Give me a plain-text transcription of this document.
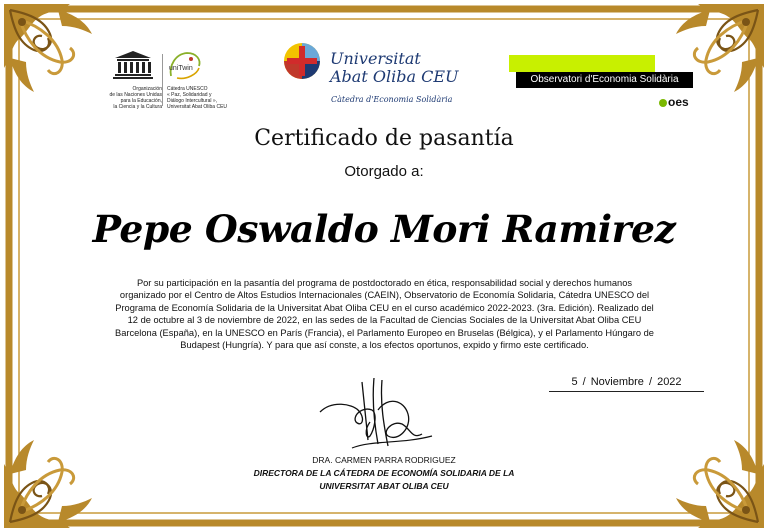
Organización
de las Naciones Unidas
para la Educación,
la Ciencia y la Cultura
uniTwin
Cátedra UNESCO
« Paz, Solidaridad y
Diálogo Intercultural »,
Universitat Abat Oliba CEU
Universitat
Abat Oliba CEU
Càtedra d'Economia Solidària
Observatori d'Economia Solidària
oes
Certificado de pasantía
Otorgado a:
Pepe Oswaldo Mori Ramirez
Por su participación en la pasantía del programa de postdoctorado en ética, responsabilidad social y derechos humanos
organizado por el Centro de Altos Estudios Internacionales (CAEIN), Observatorio de Economía Solidaria, Cátedra UNESCO del
Programa de Economía Solidaria de la Universitat Abat Oliba CEU en el curso académico 2022-2023. (3ra. Edición). Realizado del
12 de octubre al 3 de noviembre de 2022, en las sedes de la Facultad de Ciencias Sociales de la Universitat Abat Oliba CEU
Barcelona (España), en la UNESCO en París (Francia), el Parlamento Europeo en Bruselas (Bélgica), y el Parlamento Húngaro de
Budapest (Hungría). Y para que así conste, a los efectos oportunos, expido y firmo este certificado.
5 / Noviembre / 2022
DRA. CARMEN PARRA RODRIGUEZ
DIRECTORA DE LA CÁTEDRA DE ECONOMÍA SOLIDARIA DE LA
UNIVERSITAT ABAT OLIBA CEU
